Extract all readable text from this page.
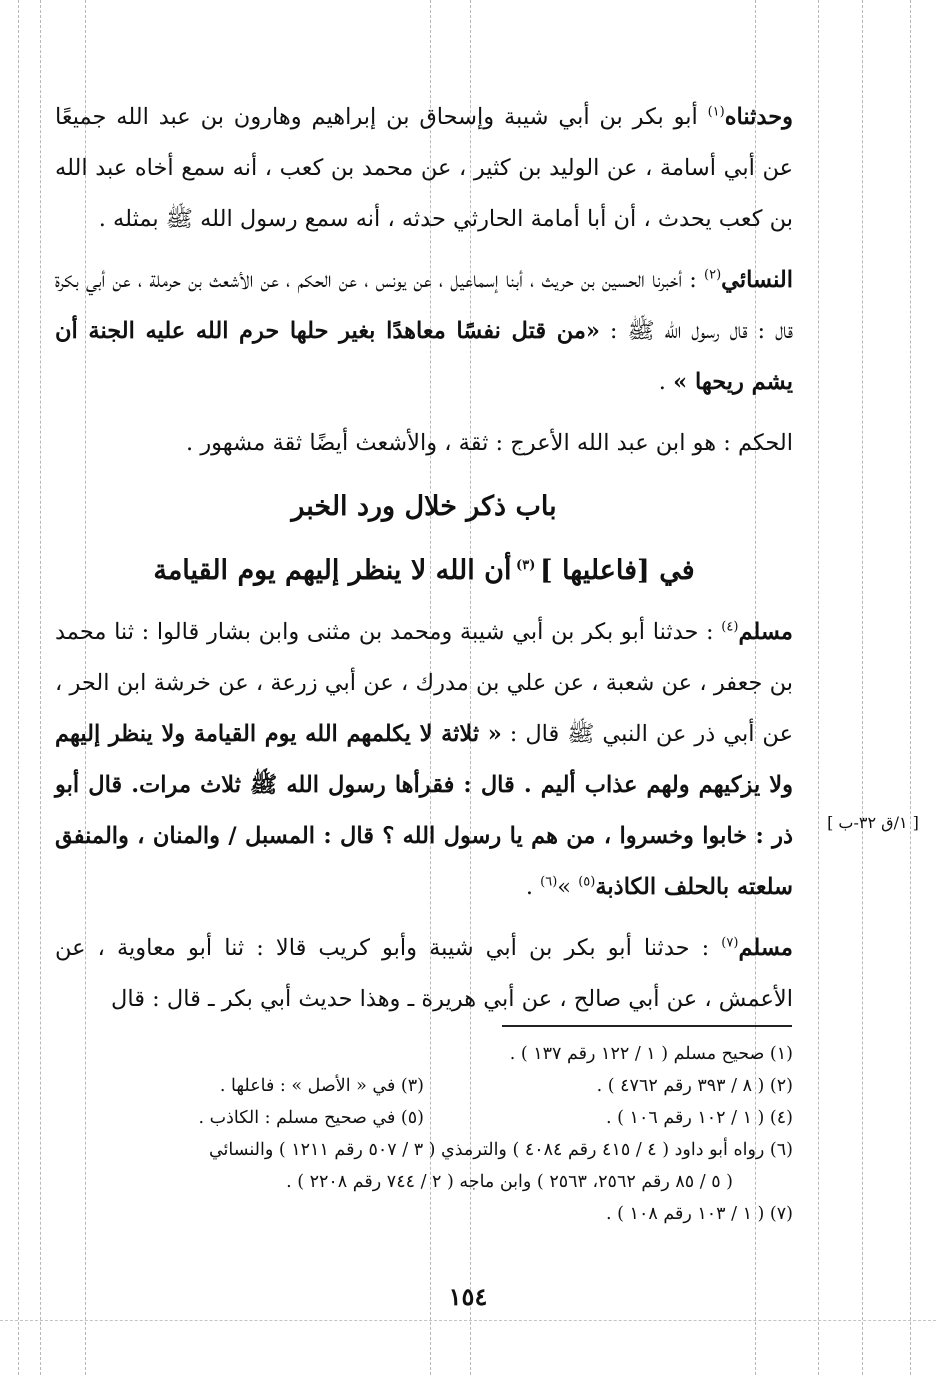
وحدثناه$^{(١)}$ أبو بكر بن أبي شيبة وإسحاق بن إبراهيم وهارون بن عبد الله جميعًا عن أبي أسامة ، عن الوليد بن كثير ، عن محمد بن كعب ، أنه سمع أخاه عبد الله بن كعب يحدث ، أن أبا أمامة الحارثي حدثه ، أنه سمع رسول الله ﷺ بمثله .

النسائي$^{(٢)}$ : أخبرنا الحسين بن حريث ، أبنا إسماعيل ، عن يونس ، عن الحكم ، عن الأشعث بن حرملة ، عن أبي بكرة قال : قال رسول الله ﷺ : «من قتل نفسًا معاهدًا بغير حلها حرم الله عليه الجنة أن يشم ريحها » .

الحكم : هو ابن عبد الله الأعرج : ثقة ، والأشعث أيضًا ثقة مشهور .

باب ذكر خلال ورد الخبر

في [فاعليها ] $^{(٣)}$ أن الله لا ينظر إليهم يوم القيامة

مسلم$^{(٤)}$ : حدثنا أبو بكر بن أبي شيبة ومحمد بن مثنى وابن بشار قالوا : ثنا محمد بن جعفر ، عن شعبة ، عن علي بن مدرك ، عن أبي زرعة ، عن خرشة ابن الحر ، عن أبي ذر عن النبي ﷺ قال : « ثلاثة لا يكلمهم الله يوم القيامة ولا ينظر إليهم ولا يزكيهم ولهم عذاب أليم . قال : فقرأها رسول الله ﷺ ثلاث مرات. قال أبو ذر : خابوا وخسروا ، من هم يا رسول الله ؟ قال : المسبل / والمنان ، والمنفق سلعته بالحلف الكاذبة$^{(٥)}$ »$^{(٦)}$ .

مسلم$^{(٧)}$ : حدثنا أبو بكر بن أبي شيبة وأبو كريب قالا : ثنا أبو معاوية ، عن الأعمش ، عن أبي صالح ، عن أبي هريرة ـ وهذا حديث أبي بكر ـ قال : قال

[ ١/ق ٣٢-ب ]
(١) صحيح مسلم ( ١ / ١٢٢ رقم ١٣٧ ) .
(٢) ( ٨ / ٣٩٣ رقم ٤٧٦٢ ) .
(٣) في « الأصل » : فاعلها .
(٤) ( ١ / ١٠٢ رقم ١٠٦ ) .
(٥) في صحيح مسلم : الكاذب .
(٦) رواه أبو داود ( ٤ / ٤١٥ رقم ٤٠٨٤ ) والترمذي ( ٣ / ٥٠٧ رقم ١٢١١ ) والنسائي
( ٥ / ٨٥ رقم ٢٥٦٢، ٢٥٦٣ ) وابن ماجه ( ٢ / ٧٤٤ رقم ٢٢٠٨ ) .
(٧) ( ١ / ١٠٣ رقم ١٠٨ ) .
١٥٤
